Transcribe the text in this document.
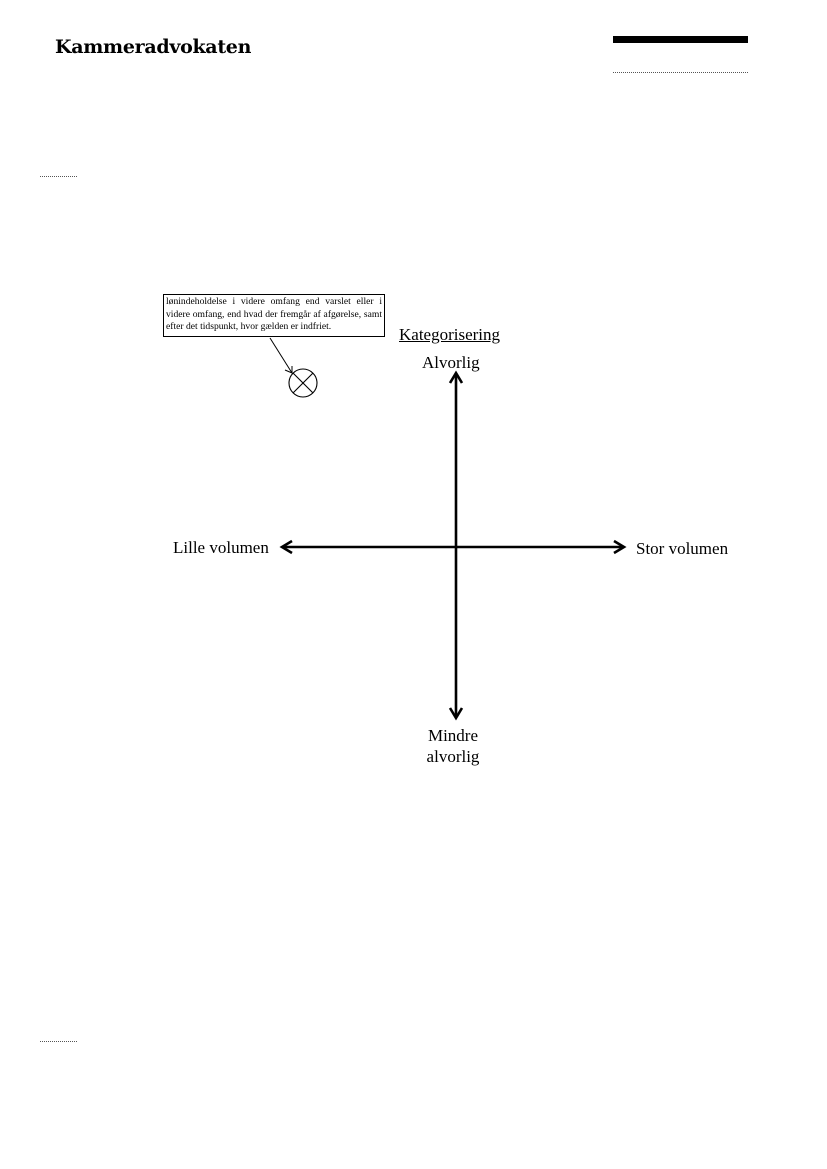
Kammeradvokaten
lønindeholdelse i videre omfang end varslet eller i videre omfang, end hvad der fremgår af afgørelse, samt efter det tidspunkt, hvor gælden er indfriet.	Kategorisering
Alvorlig
Lille volumen	Stor volumen
Mindre
alvorlig
